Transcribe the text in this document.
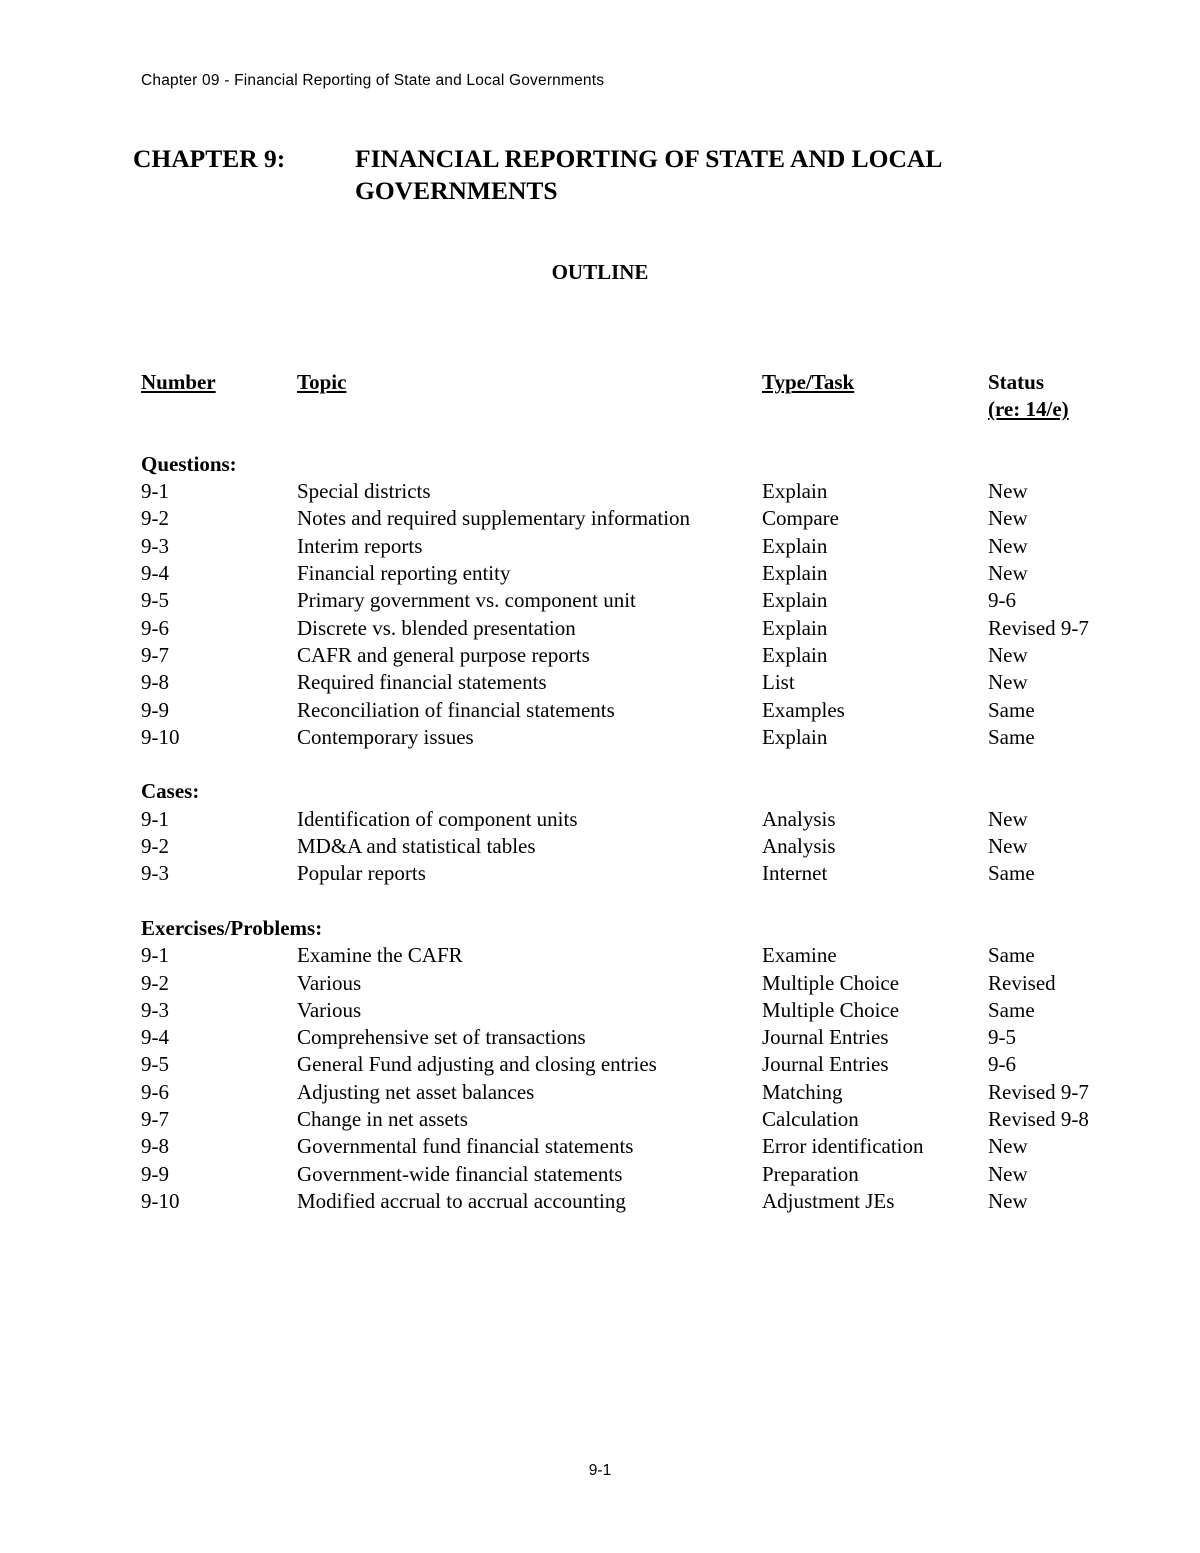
Chapter 09 - Financial Reporting of State and Local Governments
CHAPTER 9:	FINANCIAL REPORTING OF STATE AND LOCAL GOVERNMENTS
OUTLINE
Number	Topic	Type/Task	Status
(re: 14/e)
Questions:
9-1	Special districts	Explain	New
9-2	Notes and required supplementary information	Compare	New
9-3	Interim reports	Explain	New
9-4	Financial reporting entity	Explain	New
9-5	Primary government vs. component unit	Explain	9-6
9-6	Discrete vs. blended presentation	Explain	Revised 9-7
9-7	CAFR and general purpose reports	Explain	New
9-8	Required financial statements	List	New
9-9	Reconciliation of financial statements	Examples	Same
9-10	Contemporary issues	Explain	Same
Cases:
9-1	Identification of component units	Analysis	New
9-2	MD&A and statistical tables	Analysis	New
9-3	Popular reports	Internet	Same
Exercises/Problems:
9-1	Examine the CAFR	Examine	Same
9-2	Various	Multiple Choice	Revised
9-3	Various	Multiple Choice	Same
9-4	Comprehensive set of transactions	Journal Entries	9-5
9-5	General Fund adjusting and closing entries	Journal Entries	9-6
9-6	Adjusting net asset balances	Matching	Revised 9-7
9-7	Change in net assets	Calculation	Revised 9-8
9-8	Governmental fund financial statements	Error identification	New
9-9	Government-wide financial statements	Preparation	New
9-10	Modified accrual to accrual accounting	Adjustment JEs	New
9-1
